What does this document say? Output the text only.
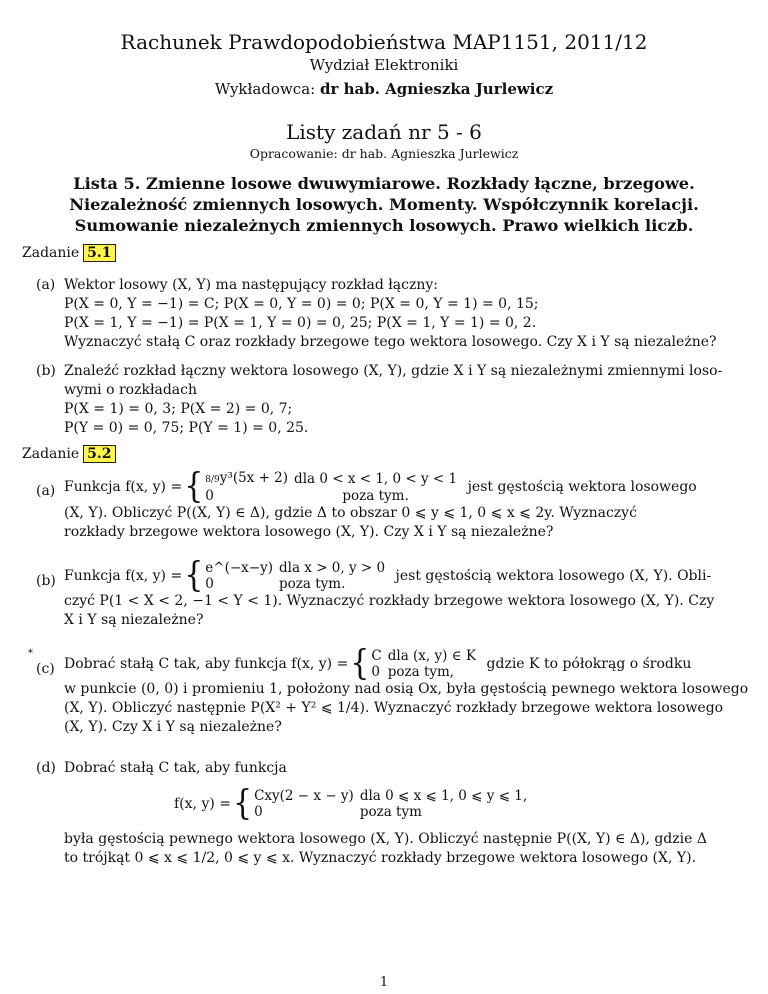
Rachunek Prawdopodobieństwa MAP1151, 2011/12
Wydział Elektroniki
Wykładowca: dr hab. Agnieszka Jurlewicz
Listy zadań nr 5 - 6
Opracowanie: dr hab. Agnieszka Jurlewicz
Lista 5. Zmienne losowe dwuwymiarowe. Rozkłady łączne, brzegowe.
Niezależność zmiennych losowych. Momenty. Współczynnik korelacji.
Sumowanie niezależnych zmiennych losowych. Prawo wielkich liczb.
Zadanie 5.1
(a) Wektor losowy (X, Y) ma następujący rozkład łączny:
P(X = 0, Y = −1) = C; P(X = 0, Y = 0) = 0; P(X = 0, Y = 1) = 0, 15;
P(X = 1, Y = −1) = P(X = 1, Y = 0) = 0, 25; P(X = 1, Y = 1) = 0, 2.
Wyznaczyć stałą C oraz rozkłady brzegowe tego wektora losowego. Czy X i Y są niezależne?
(b) Znaleźć rozkład łączny wektora losowego (X, Y), gdzie X i Y są niezależnymi zmiennymi loso-
wymi o rozkładach
P(X = 1) = 0, 3; P(X = 2) = 0, 7;
P(Y = 0) = 0, 75; P(Y = 1) = 0, 25.
Zadanie 5.2
(a) Funkcja f(x, y) ={ 8/9y³(5x + 2)	dla 0 < x < 1, 0 < y < 1
0	poza tym. jest gęstością wektora losowego
(X, Y). Obliczyć P((X, Y) ∈ Δ), gdzie Δ to obszar 0 ⩽ y ⩽ 1, 0 ⩽ x ⩽ 2y. Wyznaczyć
rozkłady brzegowe wektora losowego (X, Y). Czy X i Y są niezależne?
(b) Funkcja f(x, y) ={ e^(−x−y)	dla x > 0, y > 0
0	poza tym.	jest gęstością wektora losowego (X, Y). Obli-
czyć P(1 < X < 2, −1 < Y < 1). Wyznaczyć rozkłady brzegowe wektora losowego (X, Y). Czy
X i Y są niezależne?
*
(c) Dobrać stałą C tak, aby funkcja f(x, y) ={ C	dla (x, y) ∈ K
0	poza tym, gdzie K to półokrąg o środku
w punkcie (0, 0) i promieniu 1, położony nad osią Ox, była gęstością pewnego wektora losowego
(X, Y). Obliczyć następnie P(X² + Y² ⩽ 1/4). Wyznaczyć rozkłady brzegowe wektora losowego
(X, Y). Czy X i Y są niezależne?
(d) Dobrać stałą C tak, aby funkcja
f(x, y) ={ Cxy(2 − x − y)	dla 0 ⩽ x ⩽ 1, 0 ⩽ y ⩽ 1,
0	poza tym
była gęstością pewnego wektora losowego (X, Y). Obliczyć następnie P((X, Y) ∈ Δ), gdzie Δ
to trójkąt 0 ⩽ x ⩽ 1/2, 0 ⩽ y ⩽ x. Wyznaczyć rozkłady brzegowe wektora losowego (X, Y).
1
